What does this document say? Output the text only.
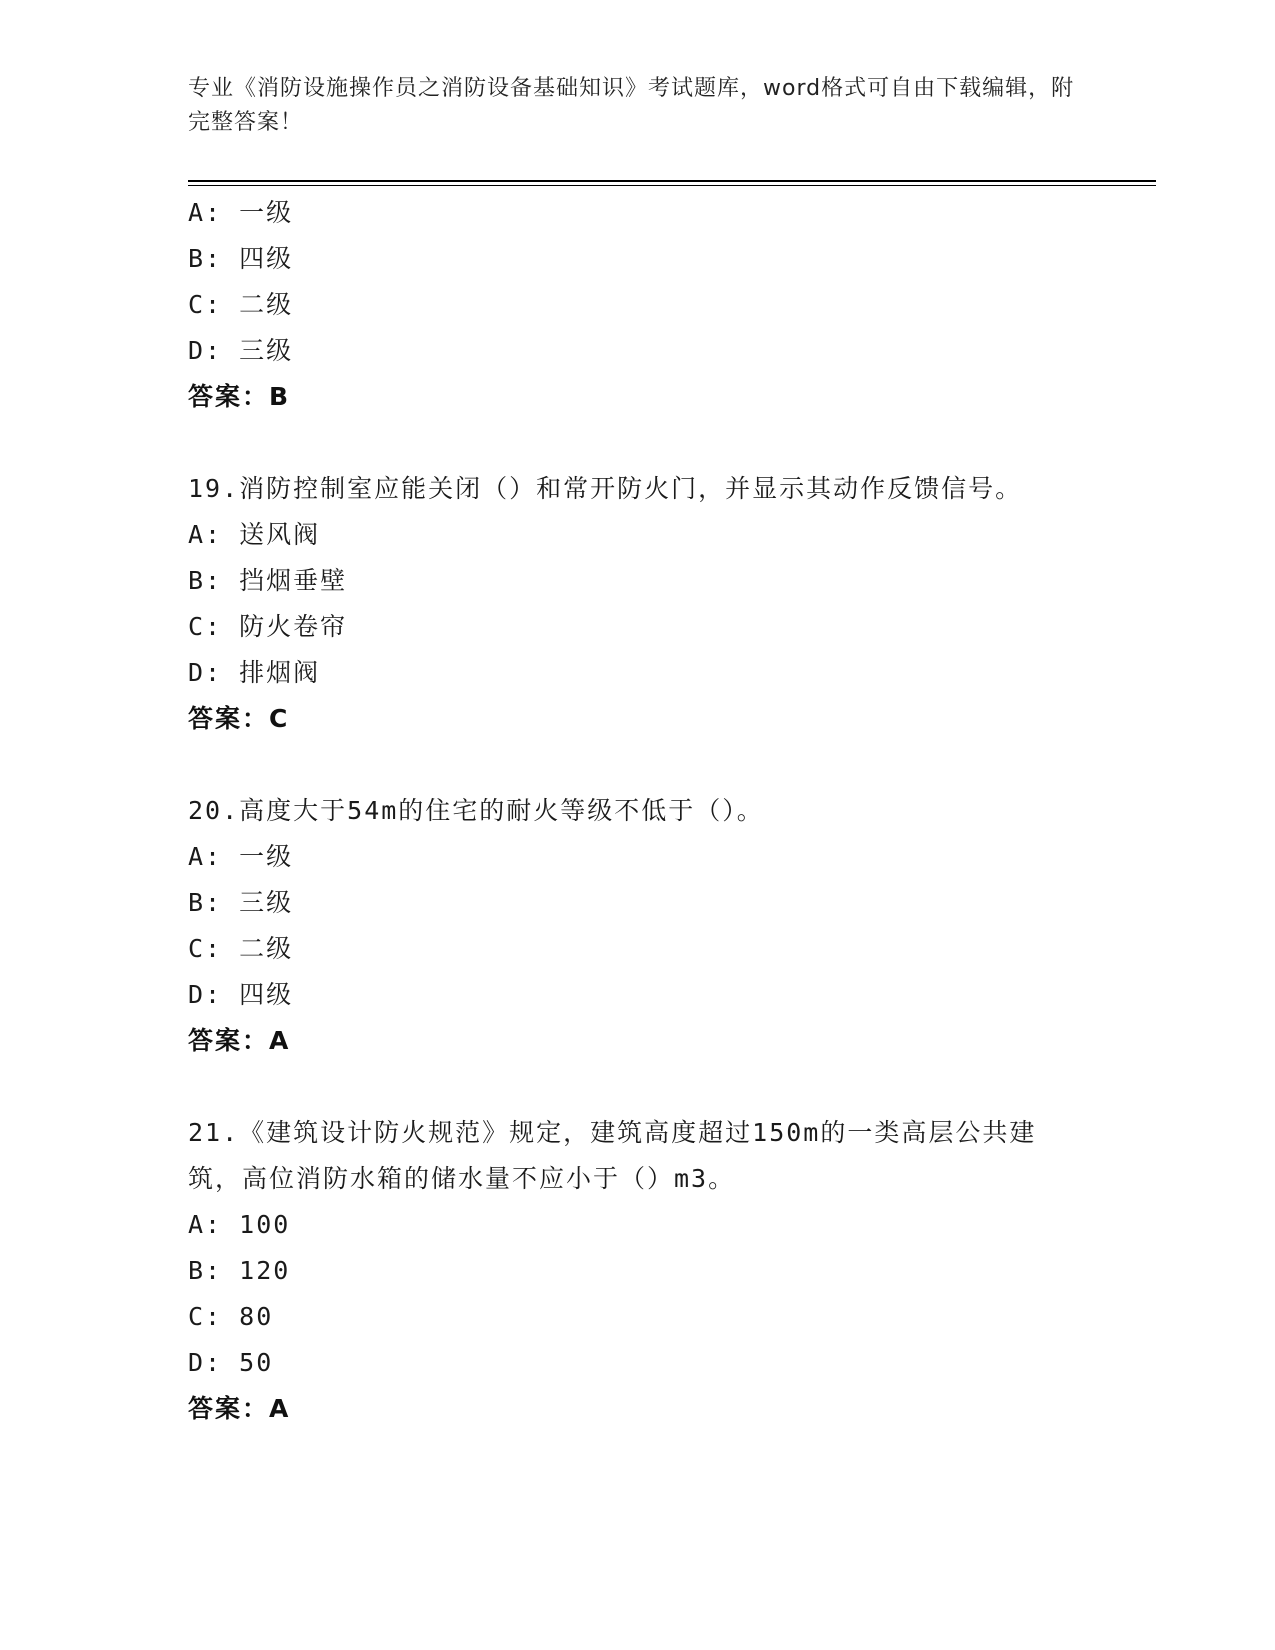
专业《消防设施操作员之消防设备基础知识》考试题库，word格式可自由下载编辑，附完整答案！
A: 一级
B: 四级
C: 二级
D: 三级
答案：B
19.消防控制室应能关闭（）和常开防火门，并显示其动作反馈信号。
A: 送风阀
B: 挡烟垂壁
C: 防火卷帘
D: 排烟阀
答案：C
20.高度大于54m的住宅的耐火等级不低于（）。
A: 一级
B: 三级
C: 二级
D: 四级
答案：A
21.《建筑设计防火规范》规定，建筑高度超过150m的一类高层公共建筑，高位消防水箱的储水量不应小于（）m3。
A: 100
B: 120
C: 80
D: 50
答案：A
